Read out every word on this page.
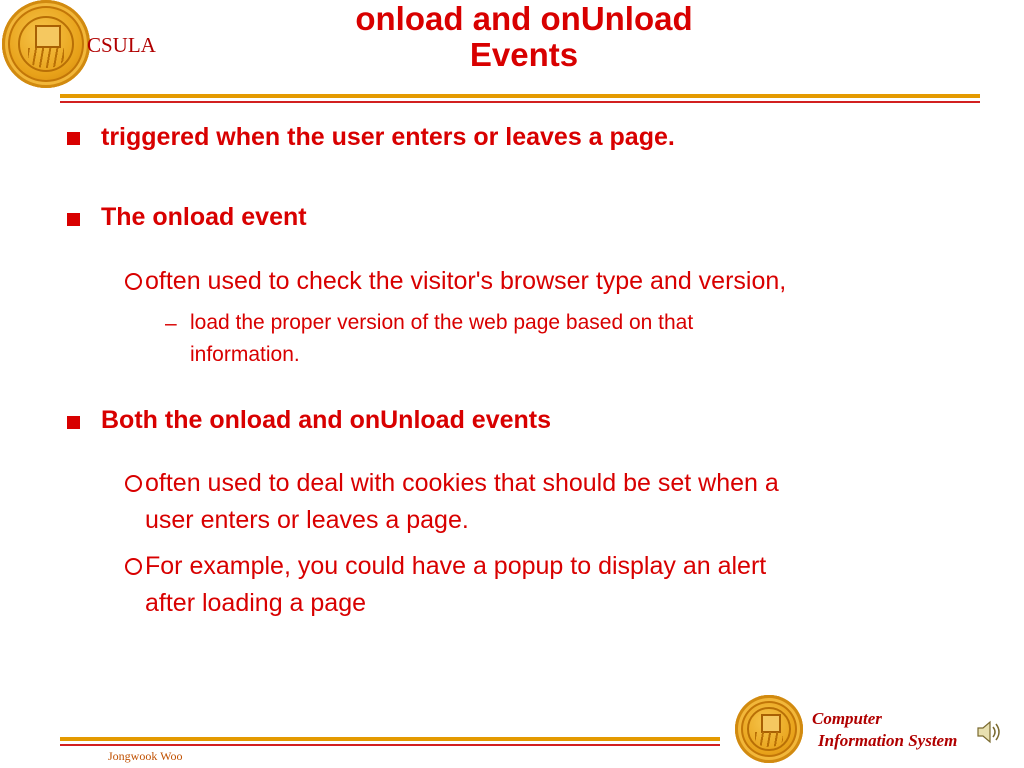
CSULA
onload and onUnload
Events
triggered when the user enters or leaves a page.
The onload event
often used to check the visitor's browser type and version,
– load the proper version of the web page based on that
information.
Both the onload and onUnload events
often used to deal with cookies that should be set when a
user enters or leaves a page.
For example, you could have a popup to display an alert
after loading a page
Jongwook Woo
Computer
Information System
